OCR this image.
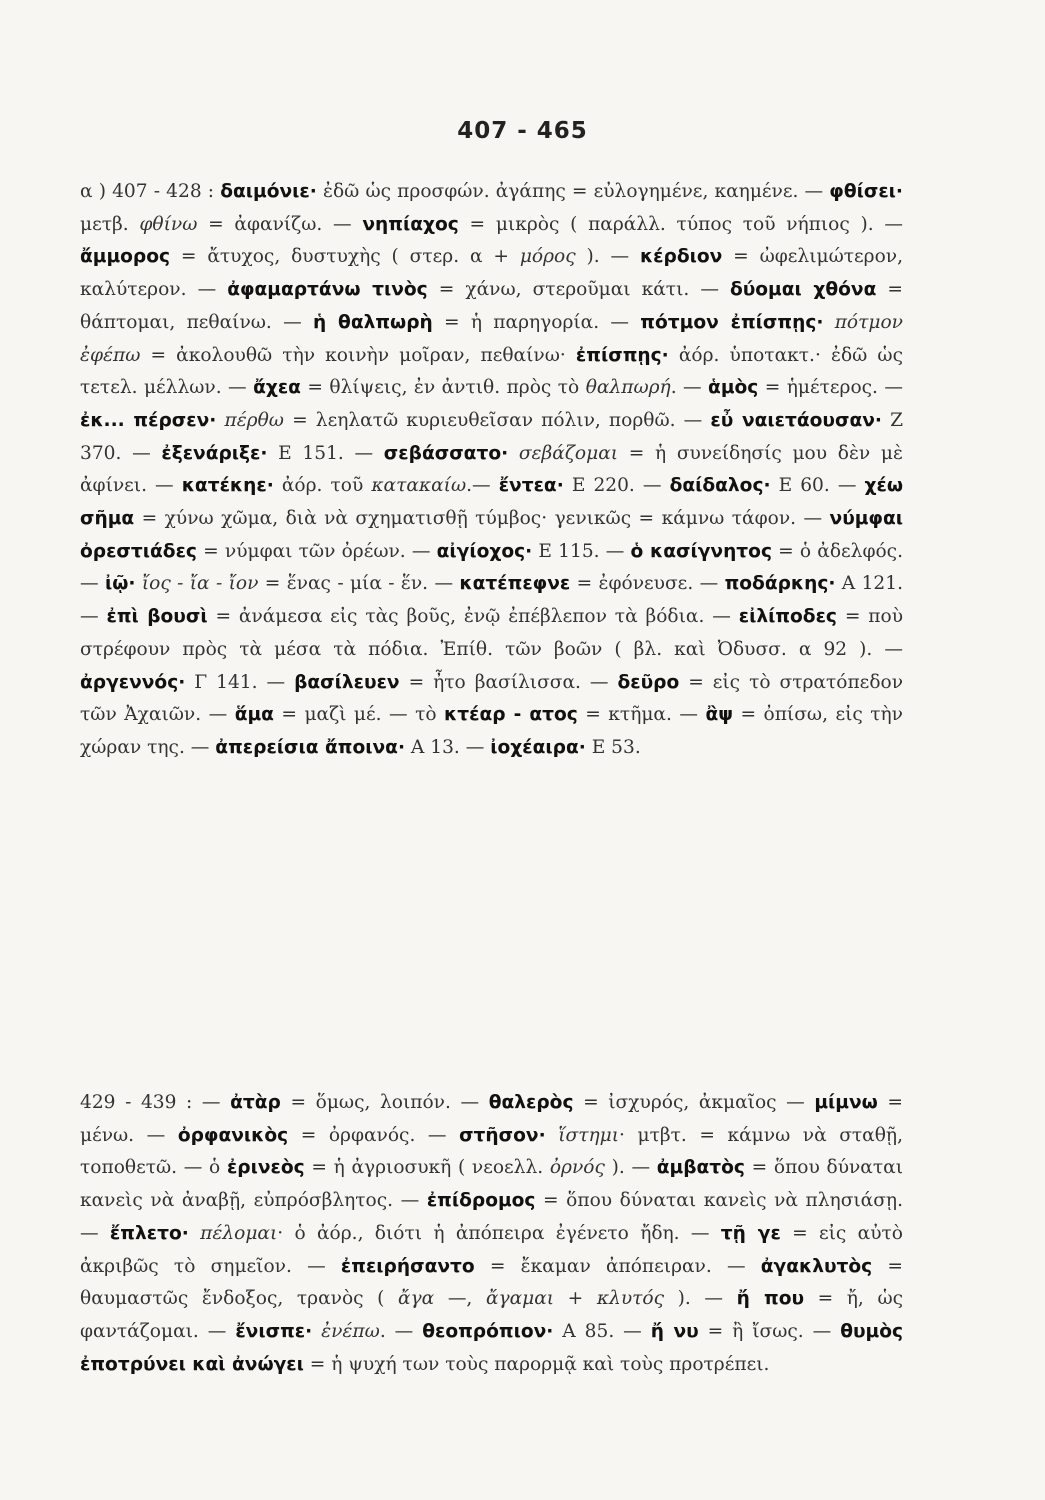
407 - 465
α ) 407 - 428 : δαιμόνιε· ἐδῶ ὡς προσφών. ἀγάπης = εὐλογημένε, καημένε. — φθίσει· μετβ. φθίνω = ἀφανίζω. — νηπίαχος = μικρὸς ( παράλλ. τύπος τοῦ νήπιος ). — ἄμμορος = ἄτυχος, δυστυχὴς ( στερ. α + μόρος ). — κέρδιον = ὠφελιμώτερον, καλύτερον. — ἀφαμαρτάνω τινὸς = χάνω, στεροῦμαι κάτι. — δύομαι χθόνα = θάπτομαι, πεθαίνω. — ἡ θαλπωρὴ = ἡ παρηγορία. — πότμον ἐπίσπῃς· πότμον ἐφέπω = ἀκολουθῶ τὴν κοινὴν μοῖραν, πεθαίνω· ἐπίσπῃς· ἀόρ. ὑποτακτ.· ἐδῶ ὡς τετελ. μέλλων. — ἄχεα = θλίψεις, ἐν ἀντιθ. πρὸς τὸ θαλπωρή. — ἁμὸς = ἡμέτερος. — ἐκ... πέρσεν· πέρθω = λεηλατῶ κυριευθεῖσαν πόλιν, πορθῶ. — εὖ ναιετάουσαν· Ζ 370. — ἐξενάριξε· Ε 151. — σεβάσσατο· σεβάζομαι = ἡ συνείδησίς μου δὲν μὲ ἀφίνει. — κατέκηε· ἀόρ. τοῦ κατακαίω.— ἔντεα· Ε 220. — δαίδαλος· Ε 60. — χέω σῆμα = χύνω χῶμα, διὰ νὰ σχηματισθῇ τύμβος· γενικῶς = κάμνω τάφον. — νύμφαι ὀρεστιάδες = νύμφαι τῶν ὀρέων. — αἰγίοχος· Ε 115. — ὁ κασίγνητος = ὁ ἀδελφός. — ἰῷ· ἴος - ἴα - ἴον = ἕνας - μία - ἕν. — κατέπεφνε = ἐφόνευσε. — ποδάρκης· Α 121. — ἐπὶ βουσὶ = ἀνάμεσα εἰς τὰς βοῦς, ἐνῷ ἐπέβλεπον τὰ βόδια. — εἰλίποδες = ποὺ στρέφουν πρὸς τὰ μέσα τὰ πόδια. Ἐπίθ. τῶν βοῶν ( βλ. καὶ Ὀδυσσ. α 92 ). — ἀργεννός· Γ 141. — βασίλευεν = ἦτο βασίλισσα. — δεῦρο = εἰς τὸ στρατόπεδον τῶν Ἀχαιῶν. — ἅμα = μαζὶ μέ. — τὸ κτέαρ - ατος = κτῆμα. — ἂψ = ὀπίσω, εἰς τὴν χώραν της. — ἀπερείσια ἄποινα· Α 13. — ἰοχέαιρα· Ε 53.
429 - 439 : — ἀτὰρ = ὅμως, λοιπόν. — θαλερὸς = ἰσχυρός, ἀκμαῖος — μίμνω = μένω. — ὀρφανικὸς = ὀρφανός. — στῆσον· ἵστημι· μτβτ. = κάμνω νὰ σταθῇ, τοποθετῶ. — ὁ ἐρινεὸς = ἡ ἀγριοσυκῆ ( νεοελλ. ὀρνός ). — ἀμβατὸς = ὅπου δύναται κανεὶς νὰ ἀναβῇ, εὐπρόσβλητος. — ἐπίδρομος = ὅπου δύναται κανεὶς νὰ πλησιάσῃ. — ἔπλετο· πέλομαι· ὁ ἀόρ., διότι ἡ ἀπόπειρα ἐγένετο ἤδη. — τῇ γε = εἰς αὐτὸ ἀκριβῶς τὸ σημεῖον. — ἐπειρήσαντο = ἔκαμαν ἀπόπειραν. — ἀγακλυτὸς = θαυμαστῶς ἔνδοξος, τρανὸς ( ἄγα —, ἄγαμαι + κλυτός ). — ἤ που = ἤ, ὡς φαντάζομαι. — ἔνισπε· ἐνέπω. — θεοπρόπιον· Α 85. — ἤ νυ = ἢ ἴσως. — θυμὸς ἐποτρύνει καὶ ἀνώγει = ἡ ψυχή των τοὺς παρορμᾷ καὶ τοὺς προτρέπει.
